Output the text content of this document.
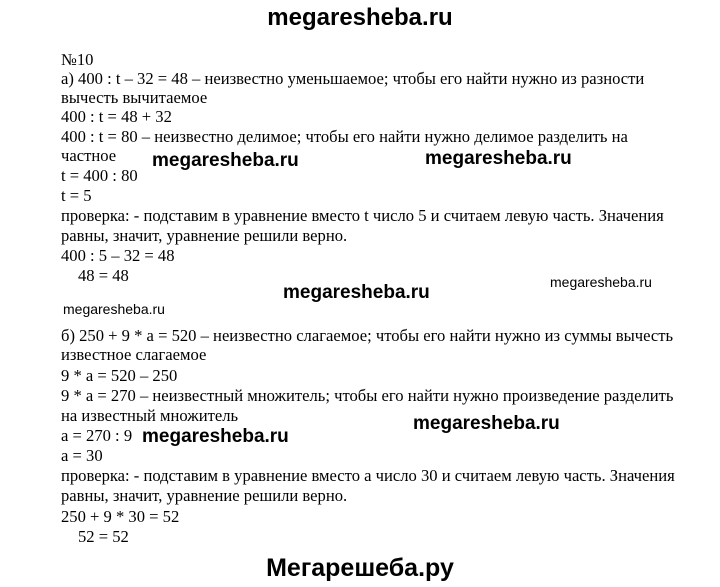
megaresheba.ru
№10
а) 400 : t – 32 = 48 – неизвестно уменьшаемое; чтобы его найти нужно из разности
вычесть вычитаемое
400 : t = 48 + 32
400 : t = 80 – неизвестно делимое; чтобы его найти нужно делимое разделить на
частное
t = 400 : 80
t = 5
проверка: - подставим в уравнение вместо t число 5 и считаем левую часть. Значения
равны, значит, уравнение решили верно.
400 : 5 – 32 = 48
48 = 48
б) 250 + 9 * а = 520 – неизвестно слагаемое; чтобы его найти нужно из суммы вычесть
известное слагаемое
9 * а = 520 – 250
9 * а = 270 – неизвестный множитель; чтобы его найти нужно произведение разделить
на известный множитель
а = 270 : 9
а = 30
проверка: - подставим в уравнение вместо а число 30 и считаем левую часть. Значения
равны, значит, уравнение решили верно.
250 + 9 * 30 = 52
52 = 52
megaresheba.ru	megaresheba.ru
megaresheba.ru
megaresheba.ru
megaresheba.ru
megaresheba.ru
megaresheba.ru
Мегарешеба.ру
